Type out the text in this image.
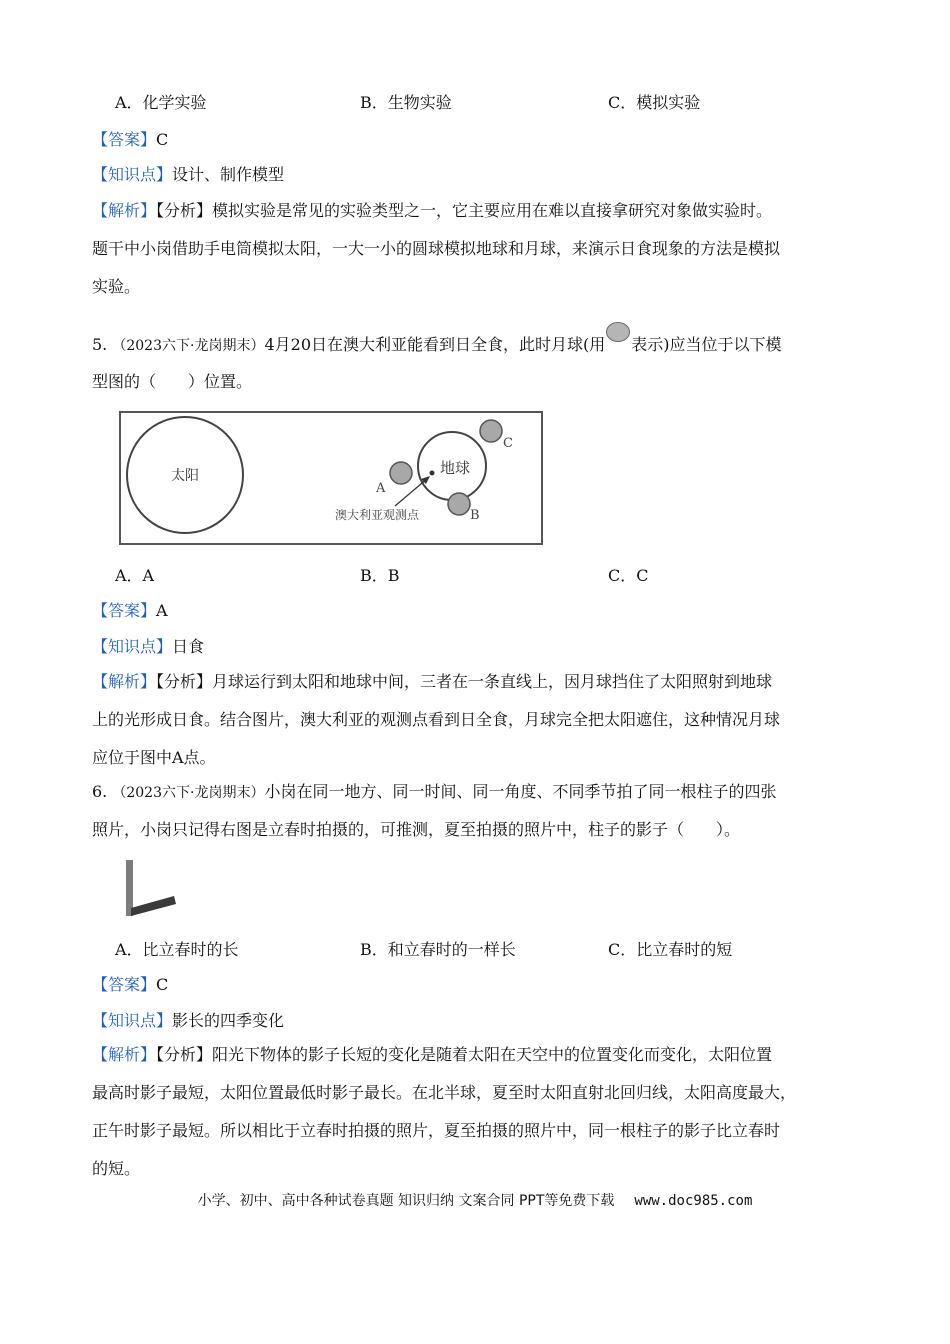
A．化学实验	B．生物实验	C．模拟实验
【答案】C
【知识点】设计、制作模型
【解析】【分析】模拟实验是常见的实验类型之一，它主要应用在难以直接拿研究对象做实验时。
题干中小岗借助手电筒模拟太阳，一大一小的圆球模拟地球和月球，来演示日食现象的方法是模拟
实验。
5. （2023六下·龙岗期末）4月20日在澳大利亚能看到日全食，此时月球(用 表示)应当位于以下模
型图的（　　）位置。
太阳	地球
A
B
C
澳大利亚观测点
A．A	B．B	C．C
【答案】A
【知识点】日食
【解析】【分析】月球运行到太阳和地球中间，三者在一条直线上，因月球挡住了太阳照射到地球
上的光形成日食。结合图片，澳大利亚的观测点看到日全食，月球完全把太阳遮住，这种情况月球
应位于图中A点。
6. （2023六下·龙岗期末）小岗在同一地方、同一时间、同一角度、不同季节拍了同一根柱子的四张
照片，小岗只记得右图是立春时拍摄的，可推测，夏至拍摄的照片中，柱子的影子（　　）。
A．比立春时的长	B．和立春时的一样长	C．比立春时的短
【答案】C
【知识点】影长的四季变化
【解析】【分析】阳光下物体的影子长短的变化是随着太阳在天空中的位置变化而变化，太阳位置
最高时影子最短，太阳位置最低时影子最长。在北半球，夏至时太阳直射北回归线，太阳高度最大，
正午时影子最短。所以相比于立春时拍摄的照片，夏至拍摄的照片中，同一根柱子的影子比立春时
的短。
小学、初中、高中各种试卷真题 知识归纳 文案合同 PPT等免费下载 www.doc985.com
